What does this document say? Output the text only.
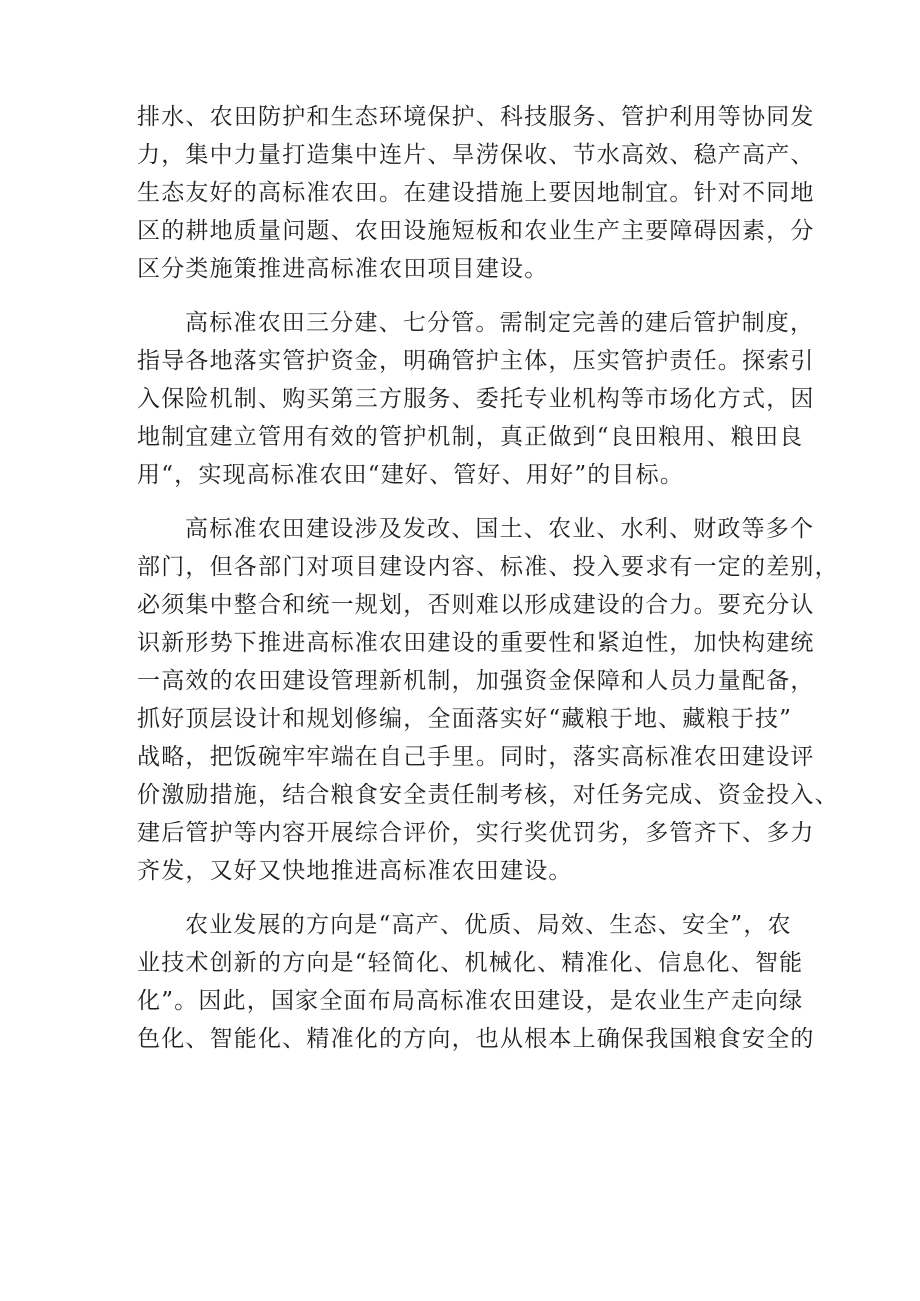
排水、农田防护和生态环境保护、科技服务、管护利用等协同发
力，集中力量打造集中连片、旱涝保收、节水高效、稳产高产、
生态友好的高标准农田。在建设措施上要因地制宜。针对不同地
区的耕地质量问题、农田设施短板和农业生产主要障碍因素，分
区分类施策推进高标准农田项目建设。

高标准农田三分建、七分管。需制定完善的建后管护制度，
指导各地落实管护资金，明确管护主体，压实管护责任。探索引
入保险机制、购买第三方服务、委托专业机构等市场化方式，因
地制宜建立管用有效的管护机制，真正做到“良田粮用、粮田良
用“，实现高标准农田“建好、管好、用好”的目标。

高标准农田建设涉及发改、国土、农业、水利、财政等多个
部门，但各部门对项目建设内容、标准、投入要求有一定的差别，
必须集中整合和统一规划，否则难以形成建设的合力。要充分认
识新形势下推进高标准农田建设的重要性和紧迫性，加快构建统
一高效的农田建设管理新机制，加强资金保障和人员力量配备，
抓好顶层设计和规划修编，全面落实好“藏粮于地、藏粮于技”
战略，把饭碗牢牢端在自己手里。同时，落实高标准农田建设评
价激励措施，结合粮食安全责任制考核，对任务完成、资金投入、
建后管护等内容开展综合评价，实行奖优罚劣，多管齐下、多力
齐发，又好又快地推进高标准农田建设。

农业发展的方向是“高产、优质、局效、生态、安全”，农
业技术创新的方向是“轻简化、机械化、精准化、信息化、智能
化”。因此，国家全面布局高标准农田建设，是农业生产走向绿
色化、智能化、精准化的方向，也从根本上确保我国粮食安全的
